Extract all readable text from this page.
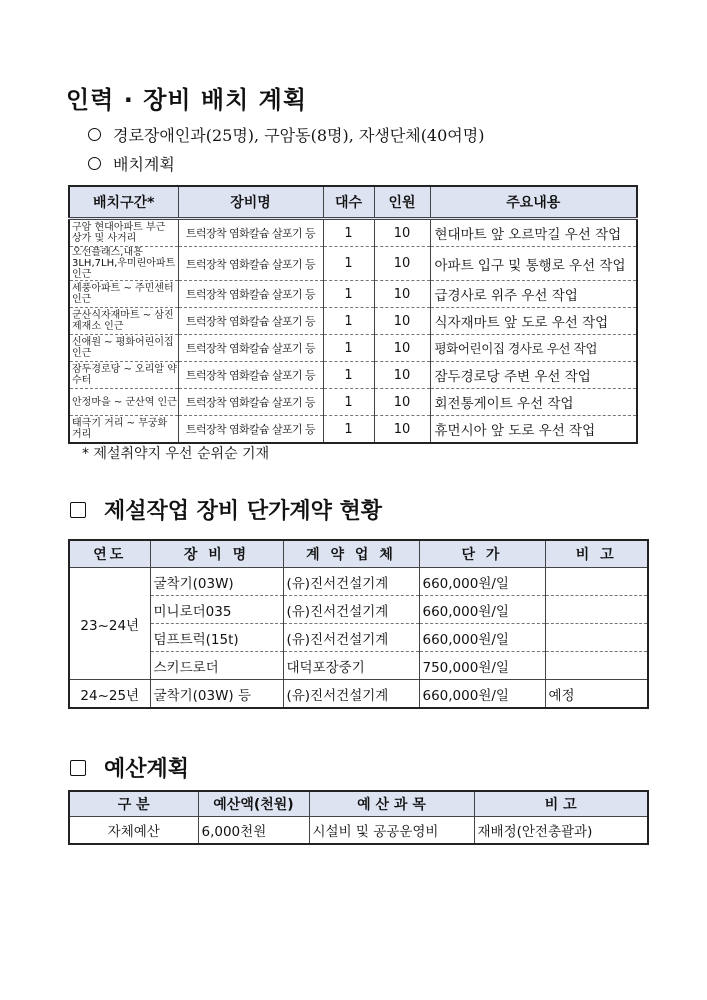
인력 · 장비 배치 계획
경로장애인과(25명), 구암동(8명), 자생단체(40여명)
배치계획
배치구간*	장비명	대수	인원	주요내용
구암 현대아파트 부근 상가 및 사거리	트럭장착 염화칼슘 살포기 등	1	10	현대마트 앞 오르막길 우선 작업
오선플래스,내흥3LH,7LH,우미린아파트인근	트럭장착 염화칼슘 살포기 등	1	10	아파트 입구 및 통행로 우선 작업
세풍아파트 ~ 주민센터 인근	트럭장착 염화칼슘 살포기 등	1	10	급경사로 위주 우선 작업
군산식자재마트 ~ 삼진제재소 인근	트럭장착 염화칼슘 살포기 등	1	10	식자재마트 앞 도로 우선 작업
신애원 ~ 평화어린이집 인근	트럭장착 염화칼슘 살포기 등	1	10	평화어린이집 경사로 우선 작업
잠두경로당 ~ 오리알 약수터	트럭장착 염화칼슘 살포기 등	1	10	잠두경로당 주변 우선 작업
안정마을 ~ 군산역 인근	트럭장착 염화칼슘 살포기 등	1	10	회전통게이트 우선 작업
태극기 거리 ~ 무궁화 거리	트럭장착 염화칼슘 살포기 등	1	10	휴먼시아 앞 도로 우선 작업
* 제설취약지 우선 순위순 기재
제설작업 장비 단가계약 현황
연도	장 비 명	계 약 업 체	단 가	비 고
23~24년	굴착기(03W)	(유)진서건설기계	660,000원/일	
	미니로더035	(유)진서건설기계	660,000원/일	
	덤프트럭(15t)	(유)진서건설기계	660,000원/일	
	스키드로더	대덕포장중기	750,000원/일	
24~25년	굴착기(03W) 등	(유)진서건설기계	660,000원/일	예정
예산계획
구 분	예산액(천원)	예 산 과 목	비 고
자체예산	6,000천원	시설비 및 공공운영비	재배정(안전총괄과)
